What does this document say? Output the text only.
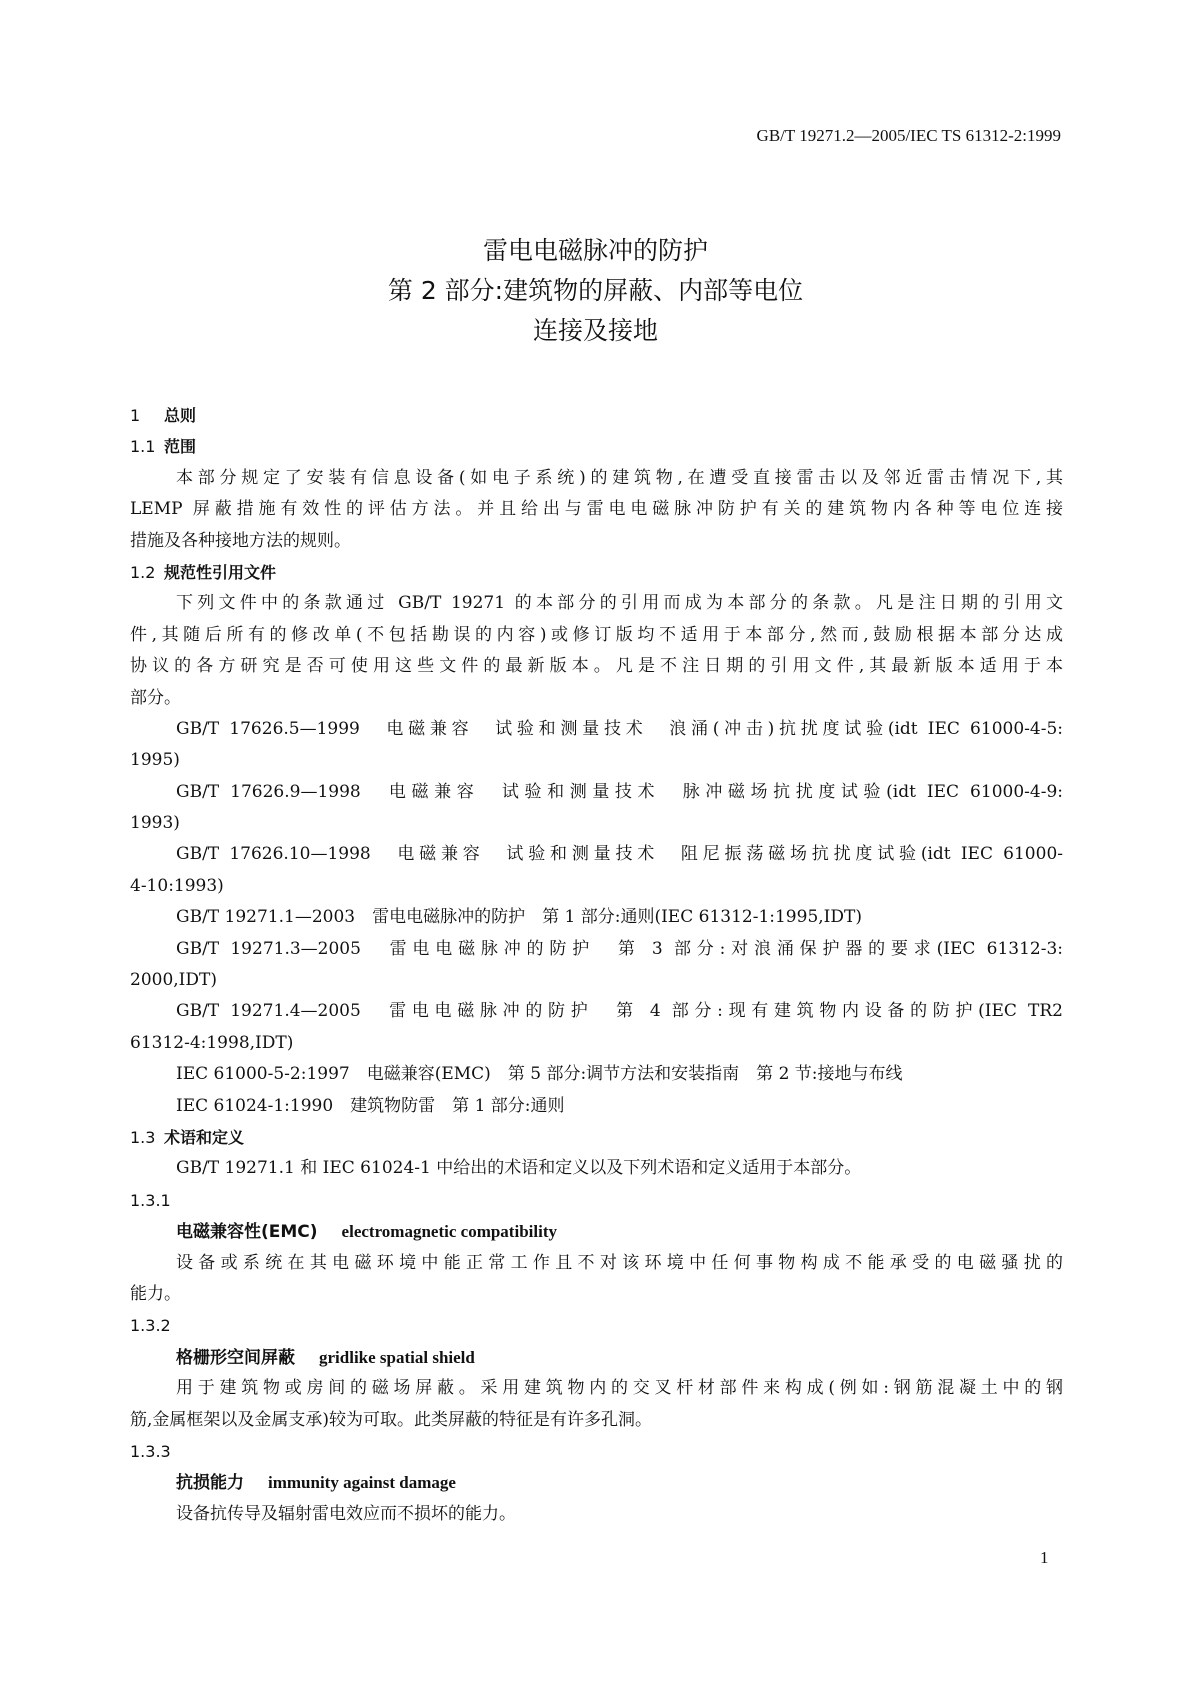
GB/T 19271.2—2005/IEC TS 61312-2:1999
雷电电磁脉冲的防护
第 2 部分:建筑物的屏蔽、内部等电位
连接及接地
1 总则
1.1 范围
本部分规定了安装有信息设备(如电子系统)的建筑物,在遭受直接雷击以及邻近雷击情况下,其
LEMP 屏蔽措施有效性的评估方法。并且给出与雷电电磁脉冲防护有关的建筑物内各种等电位连接
措施及各种接地方法的规则。
1.2 规范性引用文件
下列文件中的条款通过 GB/T 19271 的本部分的引用而成为本部分的条款。凡是注日期的引用文
件,其随后所有的修改单(不包括勘误的内容)或修订版均不适用于本部分,然而,鼓励根据本部分达成
协议的各方研究是否可使用这些文件的最新版本。凡是不注日期的引用文件,其最新版本适用于本
部分。
GB/T 17626.5—1999　电磁兼容　试验和测量技术　浪涌(冲击)抗扰度试验(idt IEC 61000-4-5:
1995)
GB/T 17626.9—1998　电磁兼容　试验和测量技术　脉冲磁场抗扰度试验(idt IEC 61000-4-9:
1993)
GB/T 17626.10—1998　电磁兼容　试验和测量技术　阻尼振荡磁场抗扰度试验(idt IEC 61000-
4-10:1993)
GB/T 19271.1—2003　雷电电磁脉冲的防护　第 1 部分:通则(IEC 61312-1:1995,IDT)
GB/T 19271.3—2005　雷电电磁脉冲的防护　第 3 部分:对浪涌保护器的要求(IEC 61312-3:
2000,IDT)
GB/T 19271.4—2005　雷电电磁脉冲的防护　第 4 部分:现有建筑物内设备的防护(IEC TR2
61312-4:1998,IDT)
IEC 61000-5-2:1997　电磁兼容(EMC)　第 5 部分:调节方法和安装指南　第 2 节:接地与布线
IEC 61024-1:1990　建筑物防雷　第 1 部分:通则
1.3 术语和定义
GB/T 19271.1 和 IEC 61024-1 中给出的术语和定义以及下列术语和定义适用于本部分。
1.3.1
电磁兼容性(EMC) electromagnetic compatibility
设备或系统在其电磁环境中能正常工作且不对该环境中任何事物构成不能承受的电磁骚扰的
能力。
1.3.2
格栅形空间屏蔽 gridlike spatial shield
用于建筑物或房间的磁场屏蔽。采用建筑物内的交叉杆材部件来构成(例如:钢筋混凝土中的钢
筋,金属框架以及金属支承)较为可取。此类屏蔽的特征是有许多孔洞。
1.3.3
抗损能力 immunity against damage
设备抗传导及辐射雷电效应而不损坏的能力。
1
